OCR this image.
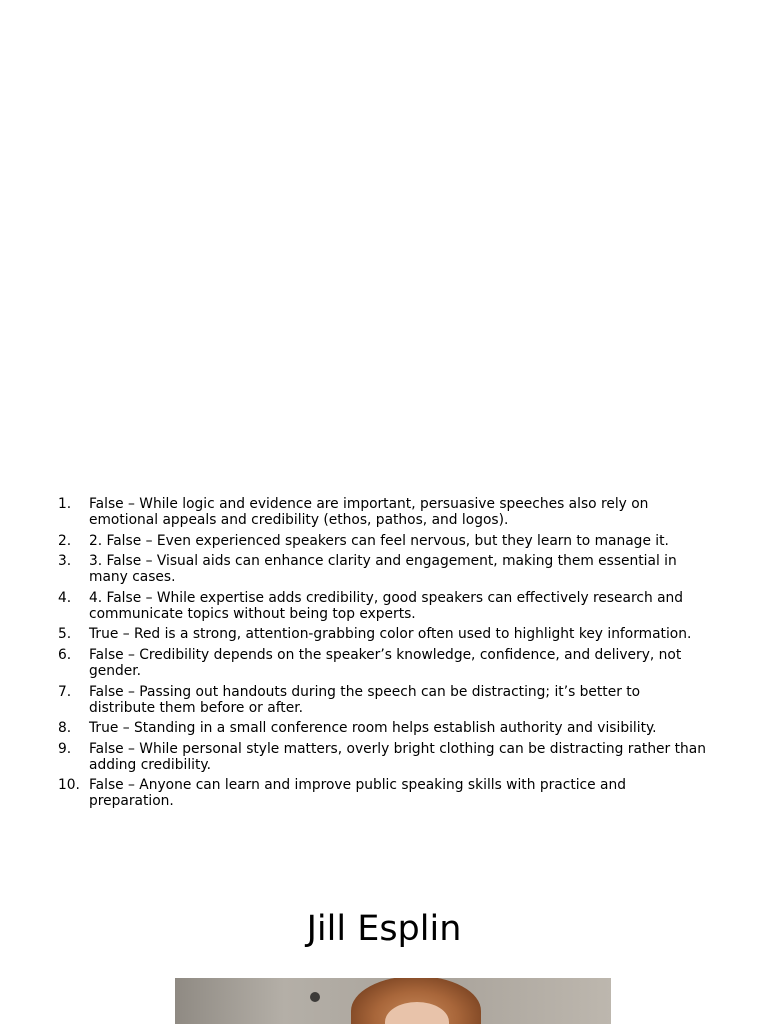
1.	False – While logic and evidence are important, persuasive speeches also rely on emotional appeals and credibility (ethos, pathos, and logos).
2.	2. False – Even experienced speakers can feel nervous, but they learn to manage it.
3.	3. False – Visual aids can enhance clarity and engagement, making them essential in many cases.
4.	4. False – While expertise adds credibility, good speakers can effectively research and communicate topics without being top experts.
5.	True – Red is a strong, attention-grabbing color often used to highlight key information.
6.	False – Credibility depends on the speaker’s knowledge, confidence, and delivery, not gender.
7.	False – Passing out handouts during the speech can be distracting; it’s better to distribute them before or after.
8.	True – Standing in a small conference room helps establish authority and visibility.
9.	False – While personal style matters, overly bright clothing can be distracting rather than adding credibility.
10. False – Anyone can learn and improve public speaking skills with practice and preparation.
Jill Esplin
